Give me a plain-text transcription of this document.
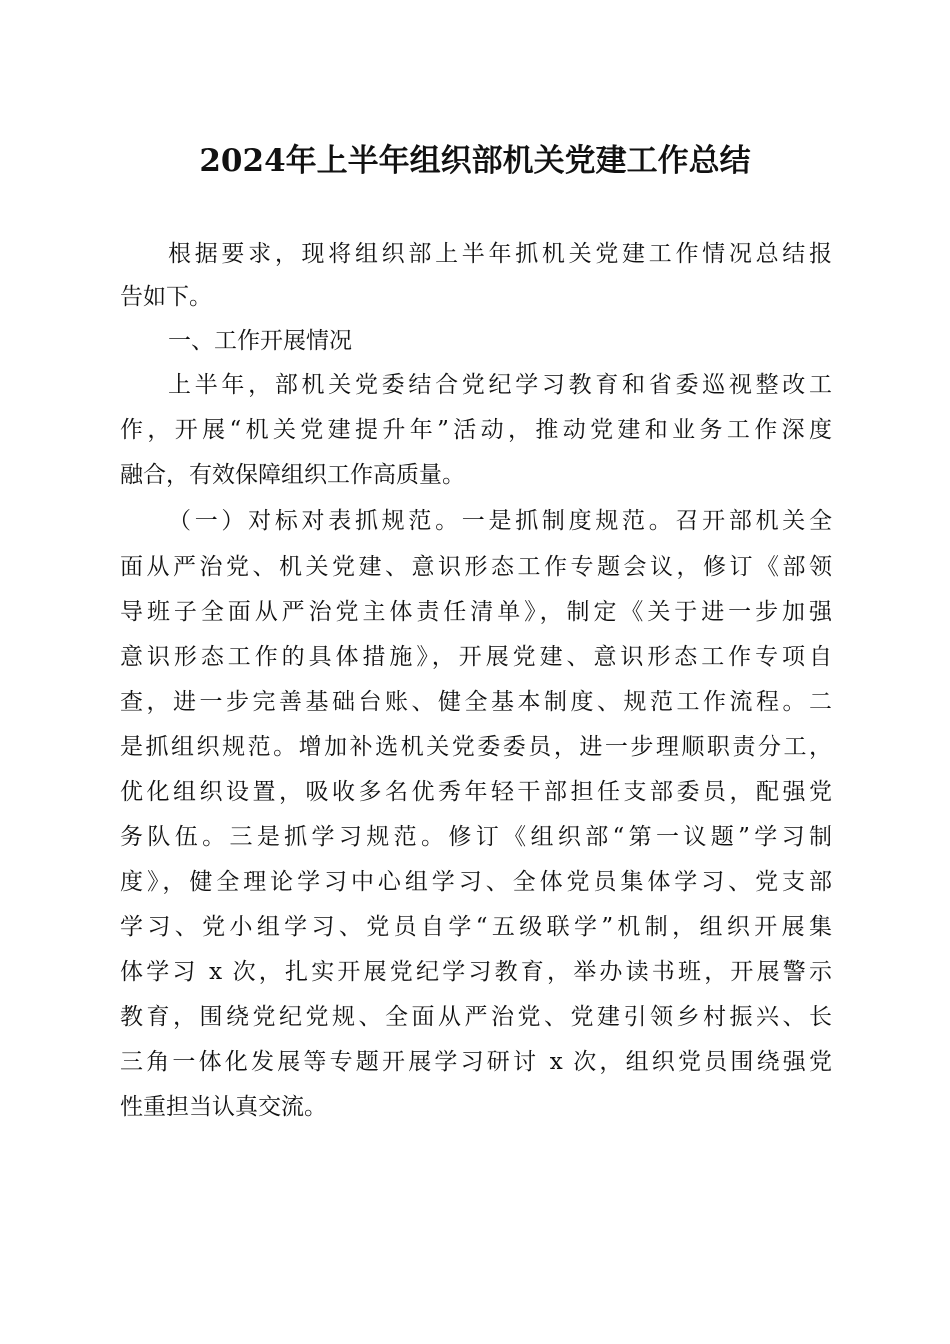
2024年上半年组织部机关党建工作总结
根据要求，现将组织部上半年抓机关党建工作情况总结报
告如下。
一、工作开展情况
上半年，部机关党委结合党纪学习教育和省委巡视整改工
作，开展“机关党建提升年”活动，推动党建和业务工作深度
融合，有效保障组织工作高质量。
（一）对标对表抓规范。一是抓制度规范。召开部机关全
面从严治党、机关党建、意识形态工作专题会议，修订《部领
导班子全面从严治党主体责任清单》，制定《关于进一步加强
意识形态工作的具体措施》，开展党建、意识形态工作专项自
查，进一步完善基础台账、健全基本制度、规范工作流程。二
是抓组织规范。增加补选机关党委委员，进一步理顺职责分工，
优化组织设置，吸收多名优秀年轻干部担任支部委员，配强党
务队伍。三是抓学习规范。修订《组织部“第一议题”学习制
度》，健全理论学习中心组学习、全体党员集体学习、党支部
学习、党小组学习、党员自学“五级联学”机制，组织开展集
体学习 x 次，扎实开展党纪学习教育，举办读书班，开展警示
教育，围绕党纪党规、全面从严治党、党建引领乡村振兴、长
三角一体化发展等专题开展学习研讨 x 次，组织党员围绕强党
性重担当认真交流。
